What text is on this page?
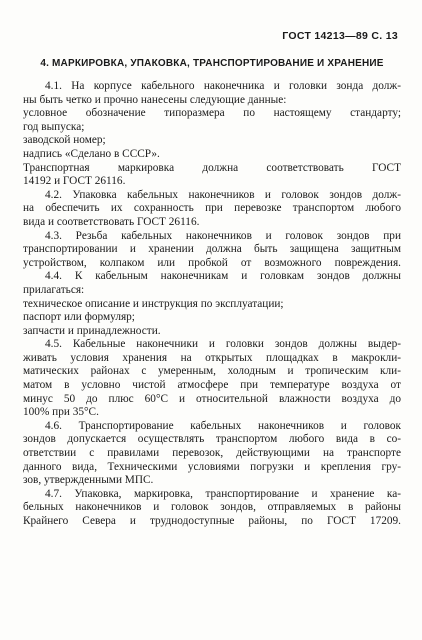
ГОСТ 14213—89 С. 13
4. МАРКИРОВКА, УПАКОВКА, ТРАНСПОРТИРОВАНИЕ И ХРАНЕНИЕ
4.1. На корпусе кабельного наконечника и головки зонда долж-
ны быть четко и прочно нанесены следующие данные:
условное обозначение типоразмера по настоящему стандарту;
год выпуска;
заводской номер;
надпись «Сделано в СССР».
Транспортная маркировка должна соответствовать ГОСТ
14192 и ГОСТ 26116.
4.2. Упаковка кабельных наконечников и головок зондов долж-
на обеспечить их сохранность при перевозке транспортом любого
вида и соответствовать ГОСТ 26116.
4.3. Резьба кабельных наконечников и головок зондов при
транспортировании и хранении должна быть защищена защитным
устройством, колпаком или пробкой от возможного повреждения.
4.4. К кабельным наконечникам и головкам зондов должны
прилагаться:
техническое описание и инструкция по эксплуатации;
паспорт или формуляр;
запчасти и принадлежности.
4.5. Кабельные наконечники и головки зондов должны выдер-
живать условия хранения на открытых площадках в макрокли-
матических районах с умеренным, холодным и тропическим кли-
матом в условно чистой атмосфере при температуре воздуха от
минус 50 до плюс 60°С и относительной влажности воздуха до
100% при 35°С.
4.6. Транспортирование кабельных наконечников и головок
зондов допускается осуществлять транспортом любого вида в со-
ответствии с правилами перевозок, действующими на транспорте
данного вида, Техническими условиями погрузки и крепления гру-
зов, утвержденными МПС.
4.7. Упаковка, маркировка, транспортирование и хранение ка-
бельных наконечников и головок зондов, отправляемых в районы
Крайнего Севера и труднодоступные районы, по ГОСТ 17209.
